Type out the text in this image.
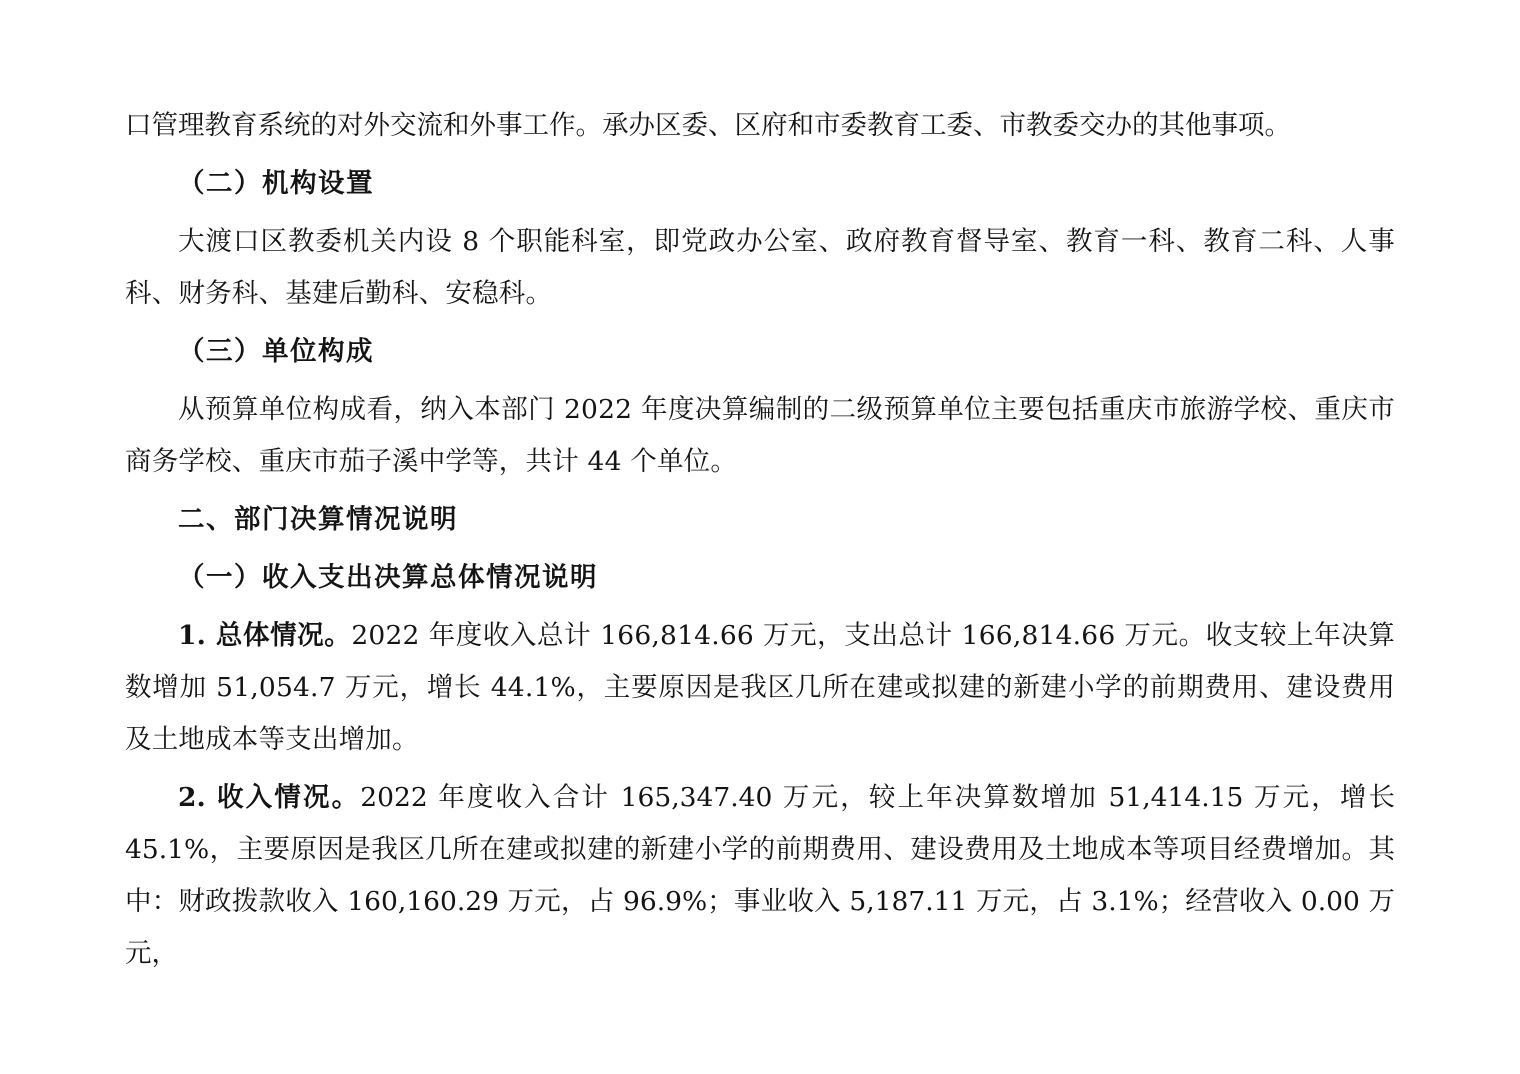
口管理教育系统的对外交流和外事工作。承办区委、区府和市委教育工委、市教委交办的其他事项。

（二）机构设置

大渡口区教委机关内设 8 个职能科室，即党政办公室、政府教育督导室、教育一科、教育二科、人事科、财务科、基建后勤科、安稳科。

（三）单位构成

从预算单位构成看，纳入本部门 2022 年度决算编制的二级预算单位主要包括重庆市旅游学校、重庆市商务学校、重庆市茄子溪中学等，共计 44 个单位。

二、部门决算情况说明

（一）收入支出决算总体情况说明

1. 总体情况。2022 年度收入总计 166,814.66 万元，支出总计 166,814.66 万元。收支较上年决算数增加 51,054.7 万元，增长 44.1%，主要原因是我区几所在建或拟建的新建小学的前期费用、建设费用及土地成本等支出增加。

2. 收入情况。2022 年度收入合计 165,347.40 万元，较上年决算数增加 51,414.15 万元，增长 45.1%，主要原因是我区几所在建或拟建的新建小学的前期费用、建设费用及土地成本等项目经费增加。其中：财政拨款收入 160,160.29 万元，占 96.9%；事业收入 5,187.11 万元，占 3.1%；经营收入 0.00 万元，
